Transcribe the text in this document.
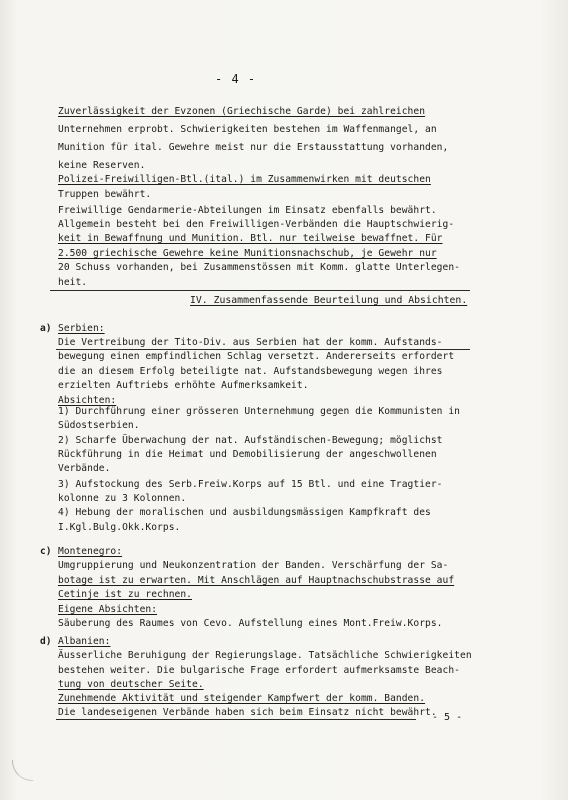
- 4 -
Zuverlässigkeit der Evzonen (Griechische Garde) bei zahlreichen
Unternehmen erprobt. Schwierigkeiten bestehen im Waffenmangel, an
Munition für ital. Gewehre meist nur die Erstausstattung vorhanden,
keine Reserven.
Polizei-Freiwilligen-Btl.(ital.) im Zusammenwirken mit deutschen
Truppen bewährt.
Freiwillige Gendarmerie-Abteilungen im Einsatz ebenfalls bewährt.
Allgemein besteht bei den Freiwilligen-Verbänden die Hauptschwierig-
keit in Bewaffnung und Munition. Btl. nur teilweise bewaffnet. Für
2.500 griechische Gewehre keine Munitionsnachschub, je Gewehr nur
20 Schuss vorhanden, bei Zusammenstössen mit Komm. glatte Unterlegen-
heit.
IV. Zusammenfassende Beurteilung und Absichten.
a) Serbien:
Die Vertreibung der Tito-Div. aus Serbien hat der komm. Aufstands-
bewegung einen empfindlichen Schlag versetzt. Andererseits erfordert
die an diesem Erfolg beteiligte nat. Aufstandsbewegung wegen ihres
erzielten Auftriebs erhöhte Aufmerksamkeit.
Absichten:
1) Durchführung einer grösseren Unternehmung gegen die Kommunisten in
Südostserbien.
2) Scharfe Überwachung der nat. Aufständischen-Bewegung; möglichst
Rückführung in die Heimat und Demobilisierung der angeschwollenen
Verbände.
3) Aufstockung des Serb.Freiw.Korps auf 15 Btl. und eine Tragtier-
kolonne zu 3 Kolonnen.
4) Hebung der moralischen und ausbildungsmässigen Kampfkraft des
I.Kgl.Bulg.Okk.Korps.
c) Montenegro:
Umgruppierung und Neukonzentration der Banden. Verschärfung der Sa-
botage ist zu erwarten. Mit Anschlägen auf Hauptnachschubstrasse auf
Cetinje ist zu rechnen.
Eigene Absichten:
Säuberung des Raumes von Cevo. Aufstellung eines Mont.Freiw.Korps.
d) Albanien:
Äusserliche Beruhigung der Regierungslage. Tatsächliche Schwierigkeiten
bestehen weiter. Die bulgarische Frage erfordert aufmerksamste Beach-
tung von deutscher Seite.
Zunehmende Aktivität und steigender Kampfwert der komm. Banden.
Die landeseigenen Verbände haben sich beim Einsatz nicht bewährt.
- 5 -
